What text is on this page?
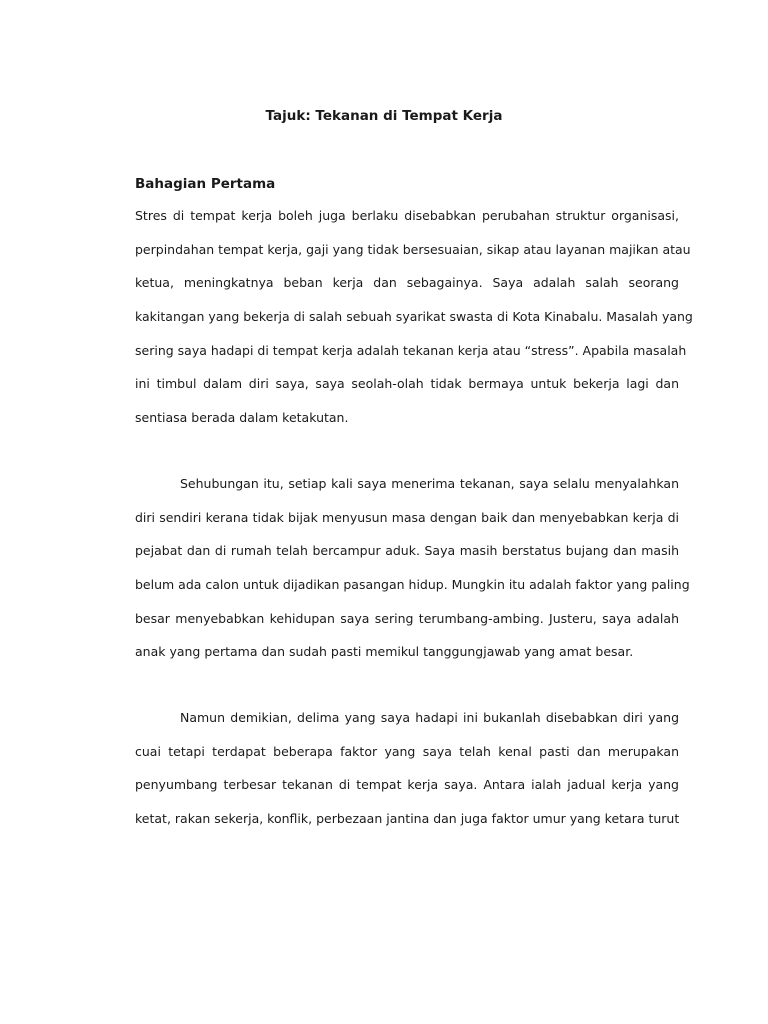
Tajuk: Tekanan di Tempat Kerja
Bahagian Pertama
Stres di tempat kerja boleh juga berlaku disebabkan perubahan struktur organisasi,
perpindahan tempat kerja, gaji yang tidak bersesuaian, sikap atau layanan majikan atau
ketua, meningkatnya beban kerja dan sebagainya. Saya adalah salah seorang
kakitangan yang bekerja di salah sebuah syarikat swasta di Kota Kinabalu. Masalah yang
sering saya hadapi di tempat kerja adalah tekanan kerja atau “stress”. Apabila masalah
ini timbul dalam diri saya, saya seolah-olah tidak bermaya untuk bekerja lagi dan
sentiasa berada dalam ketakutan.
Sehubungan itu, setiap kali saya menerima tekanan, saya selalu menyalahkan
diri sendiri kerana tidak bijak menyusun masa dengan baik dan menyebabkan kerja di
pejabat dan di rumah telah bercampur aduk. Saya masih berstatus bujang dan masih
belum ada calon untuk dijadikan pasangan hidup. Mungkin itu adalah faktor yang paling
besar menyebabkan kehidupan saya sering terumbang-ambing. Justeru, saya adalah
anak yang pertama dan sudah pasti memikul tanggungjawab yang amat besar.
Namun demikian, delima yang saya hadapi ini bukanlah disebabkan diri yang
cuai tetapi terdapat beberapa faktor yang saya telah kenal pasti dan merupakan
penyumbang terbesar tekanan di tempat kerja saya. Antara ialah jadual kerja yang
ketat, rakan sekerja, konflik, perbezaan jantina dan juga faktor umur yang ketara turut
